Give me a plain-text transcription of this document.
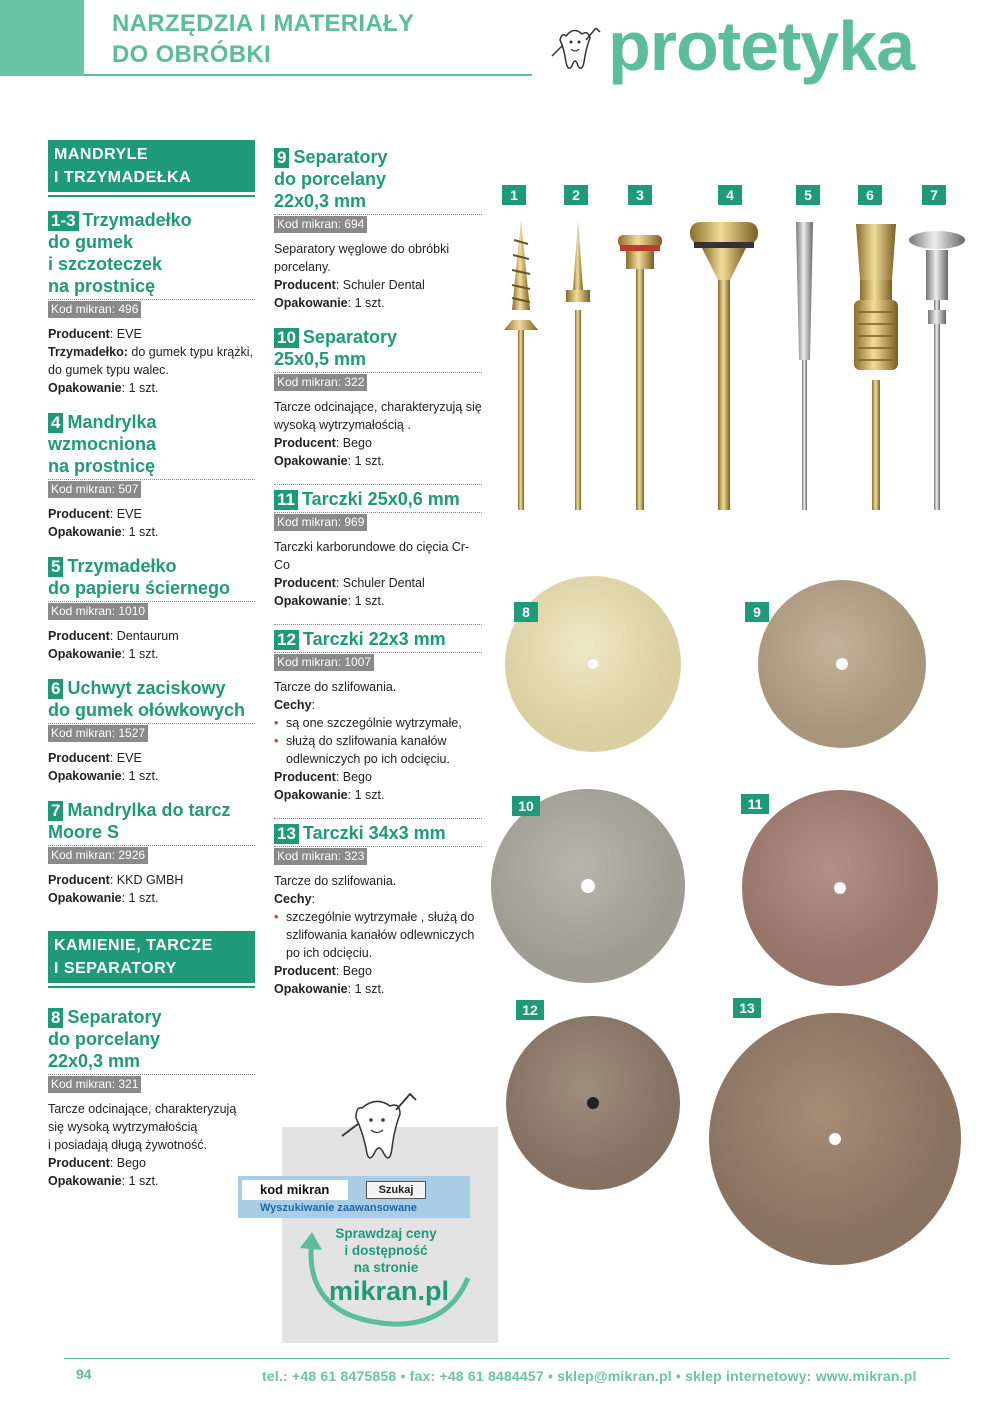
NARZĘDZIA I MATERIAŁY
DO OBRÓBKI	protetyka
MANDRYLE
I TRZYMADEŁKA
1-3 Trzymadełko
do gumek
i szczoteczek
na prostnicę
Kod mikran: 496

Producent: EVE

Trzymadełko: do gumek typu krążki, do gumek typu walec.

Opakowanie: 1 szt.

4 Mandrylka
wzmocniona
na prostnicę
Kod mikran: 507

Producent: EVE

Opakowanie: 1 szt.

5 Trzymadełko
do papieru ściernego
Kod mikran: 1010

Producent: Dentaurum

Opakowanie: 1 szt.

6 Uchwyt zaciskowy
do gumek ołówkowych
Kod mikran: 1527

Producent: EVE

Opakowanie: 1 szt.

7 Mandrylka do tarcz
Moore S
Kod mikran: 2926

Producent: KKD GMBH

Opakowanie: 1 szt.

KAMIENIE, TARCZE
I SEPARATORY
8 Separatory
do porcelany
22x0,3 mm
Kod mikran: 321

Tarcze odcinające, charakteryzują

się wysoką wytrzymałością

i posiadają długą żywotność.

Producent: Bego

Opakowanie: 1 szt.

9 Separatory
do porcelany
22x0,3 mm
Kod mikran: 694

Separatory węglowe do obróbki porcelany.

Producent: Schuler Dental

Opakowanie: 1 szt.

10 Separatory
25x0,5 mm
Kod mikran: 322

Tarcze odcinające, charakteryzują się wysoką wytrzymałością .

Producent: Bego

Opakowanie: 1 szt.

11 Tarczki 25x0,6 mm
Kod mikran: 969

Tarczki karborundowe do cięcia Cr-Co

Producent: Schuler Dental

Opakowanie: 1 szt.

12 Tarczki 22x3 mm
Kod mikran: 1007

Tarcze do szlifowania.

Cechy:

• są one szczególnie wytrzymałe,
• służą do szlifowania kanałów odlewniczych po ich odcięciu.

Producent: Bego

Opakowanie: 1 szt.

13 Tarczki 34x3 mm
Kod mikran: 323

Tarcze do szlifowania.

Cechy:

• szczególnie wytrzymałe , służą do szlifowania kanałów odlewniczych po ich odcięciu.

Producent: Bego

Opakowanie: 1 szt.

1	2	3	4	5	6	7
8	9
10	11
12	13
kod mikran	Szukaj
Wyszukiwanie zaawansowane
Sprawdzaj ceny
i dostępność
na stronie
mikran.pl
94	tel.: +48 61 8475858 • fax: +48 61 8484457 • sklep@mikran.pl • sklep internetowy: www.mikran.pl
